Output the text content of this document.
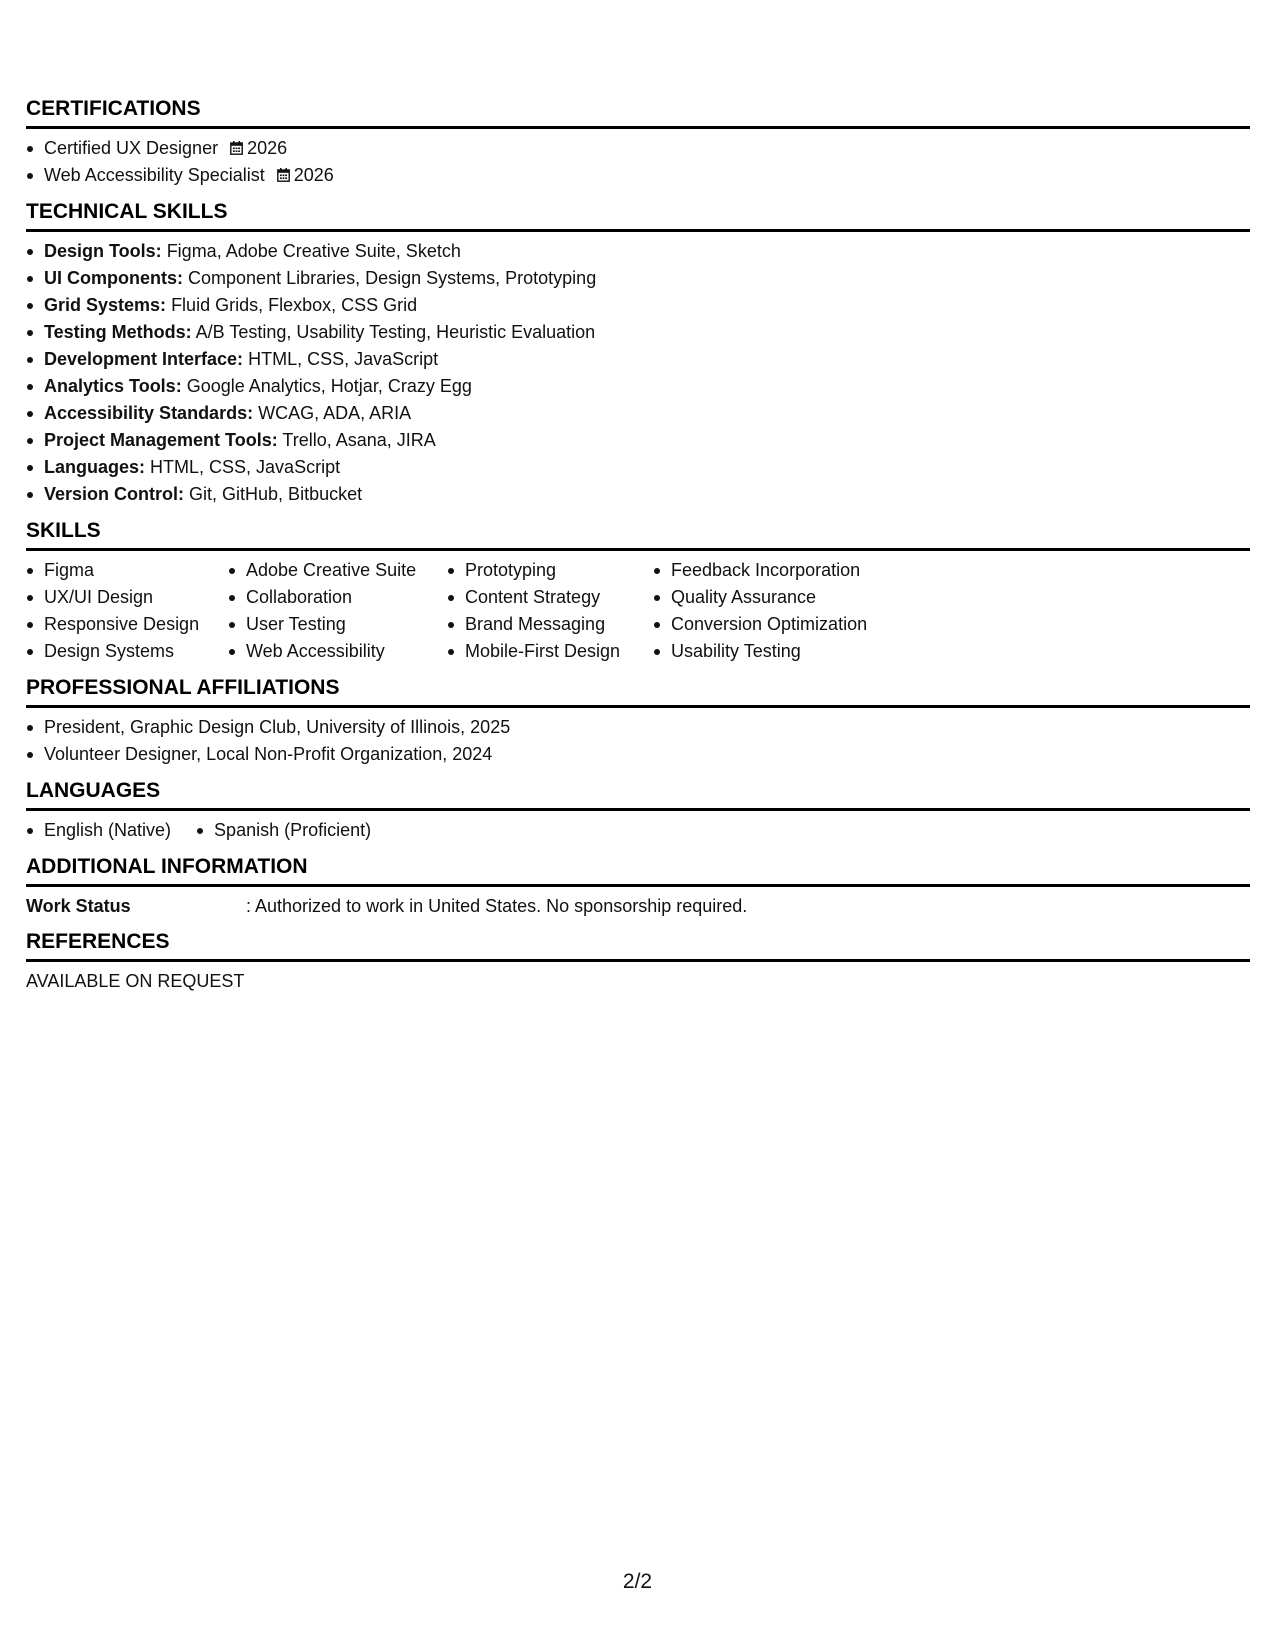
CERTIFICATIONS
Certified UX Designer 2026
Web Accessibility Specialist 2026
TECHNICAL SKILLS
Design Tools: Figma, Adobe Creative Suite, Sketch
UI Components: Component Libraries, Design Systems, Prototyping
Grid Systems: Fluid Grids, Flexbox, CSS Grid
Testing Methods: A/B Testing, Usability Testing, Heuristic Evaluation
Development Interface: HTML, CSS, JavaScript
Analytics Tools: Google Analytics, Hotjar, Crazy Egg
Accessibility Standards: WCAG, ADA, ARIA
Project Management Tools: Trello, Asana, JIRA
Languages: HTML, CSS, JavaScript
Version Control: Git, GitHub, Bitbucket
SKILLS
Figma
UX/UI Design
Responsive Design
Design Systems
Adobe Creative Suite
Collaboration
User Testing
Web Accessibility
Prototyping
Content Strategy
Brand Messaging
Mobile-First Design
Feedback Incorporation
Quality Assurance
Conversion Optimization
Usability Testing
PROFESSIONAL AFFILIATIONS
President, Graphic Design Club, University of Illinois, 2025
Volunteer Designer, Local Non-Profit Organization, 2024
LANGUAGES
English (Native)	Spanish (Proficient)
ADDITIONAL INFORMATION
Work Status	: Authorized to work in United States. No sponsorship required.
REFERENCES
AVAILABLE ON REQUEST
2/2
